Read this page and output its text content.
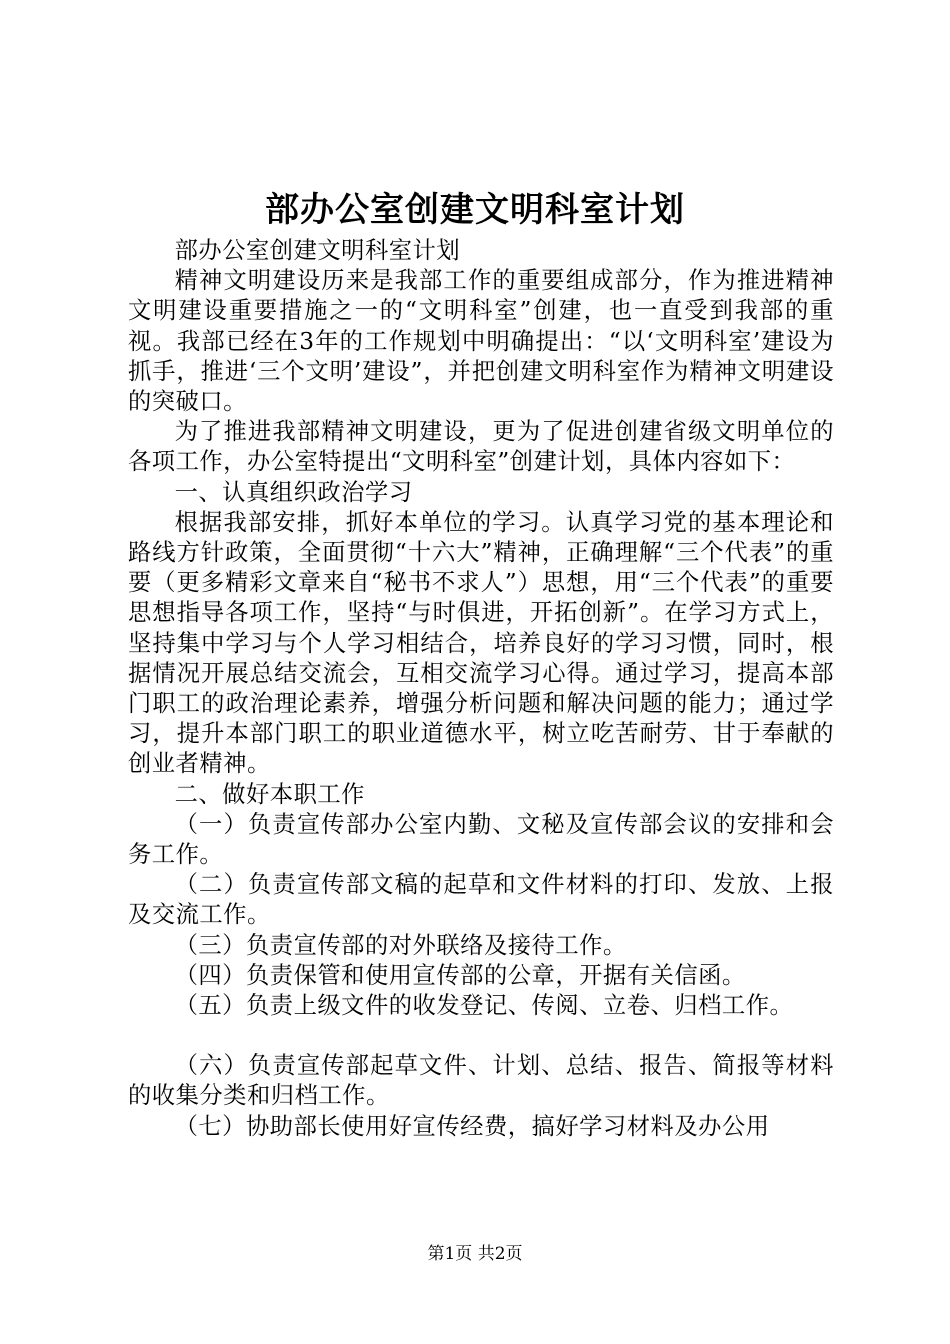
部办公室创建文明科室计划

部办公室创建文明科室计划

精神文明建设历来是我部工作的重要组成部分，作为推进精神文明建设重要措施之一的“文明科室”创建，也一直受到我部的重视。我部已经在3年的工作规划中明确提出：“以‘文明科室’建设为抓手，推进‘三个文明’建设”，并把创建文明科室作为精神文明建设的突破口。

为了推进我部精神文明建设，更为了促进创建省级文明单位的各项工作，办公室特提出“文明科室”创建计划，具体内容如下：

一、认真组织政治学习

根据我部安排，抓好本单位的学习。认真学习党的基本理论和路线方针政策，全面贯彻“十六大”精神，正确理解“三个代表”的重要（更多精彩文章来自“秘书不求人”）思想，用“三个代表”的重要思想指导各项工作，坚持“与时俱进，开拓创新”。在学习方式上，坚持集中学习与个人学习相结合，培养良好的学习习惯，同时，根据情况开展总结交流会，互相交流学习心得。通过学习，提高本部门职工的政治理论素养，增强分析问题和解决问题的能力；通过学习，提升本部门职工的职业道德水平，树立吃苦耐劳、甘于奉献的创业者精神。

二、做好本职工作

（一）负责宣传部办公室内勤、文秘及宣传部会议的安排和会务工作。

（二）负责宣传部文稿的起草和文件材料的打印、发放、上报及交流工作。

（三）负责宣传部的对外联络及接待工作。

（四）负责保管和使用宣传部的公章，开据有关信函。

（五）负责上级文件的收发登记、传阅、立卷、归档工作。

（六）负责宣传部起草文件、计划、总结、报告、简报等材料的收集分类和归档工作。

（七）协助部长使用好宣传经费，搞好学习材料及办公用

第1页 共2页
